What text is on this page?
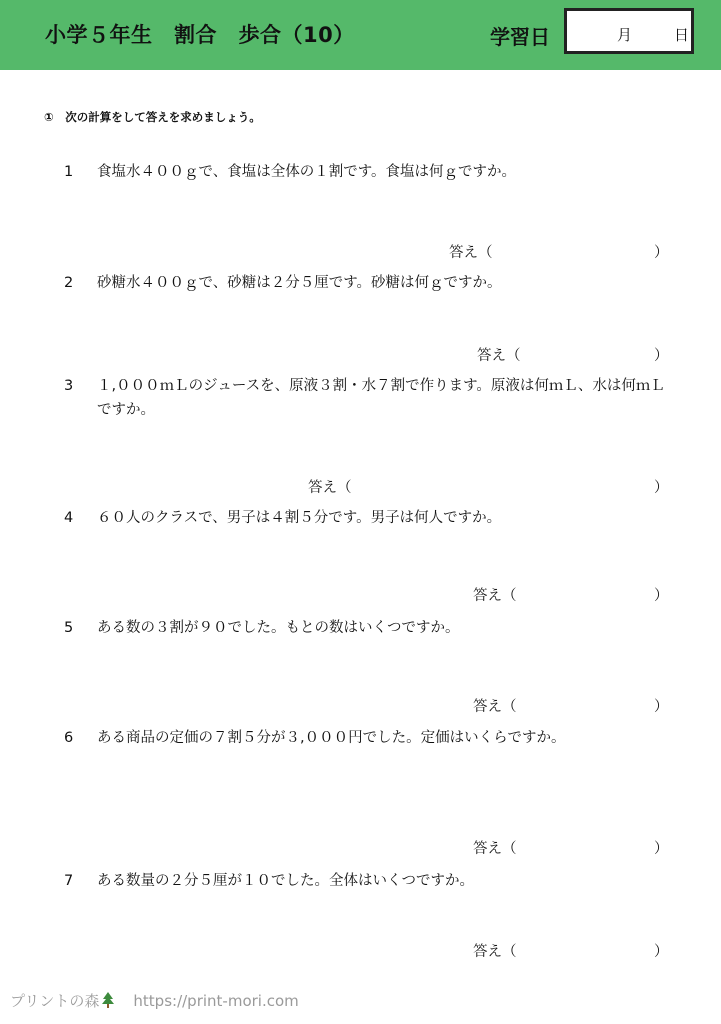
小学５年生　割合　歩合（10）	学習日	月	日
①　次の計算をして答えを求めましょう。
1 食塩水４００ｇで、食塩は全体の１割です。食塩は何ｇですか。
答え（	）
2 砂糖水４００ｇで、砂糖は２分５厘です。砂糖は何ｇですか。
答え（	）
3 １,０００ｍＬのジュースを、原液３割・水７割で作ります。原液は何ｍＬ、水は何ｍＬですか。
答え（	）
4 ６０人のクラスで、男子は４割５分です。男子は何人ですか。
答え（	）
5 ある数の３割が９０でした。もとの数はいくつですか。
答え（	）
6 ある商品の定価の７割５分が３,０００円でした。定価はいくらですか。
答え（	）
7 ある数量の２分５厘が１０でした。全体はいくつですか。
答え（	）
プリントの森 https://print-mori.com
